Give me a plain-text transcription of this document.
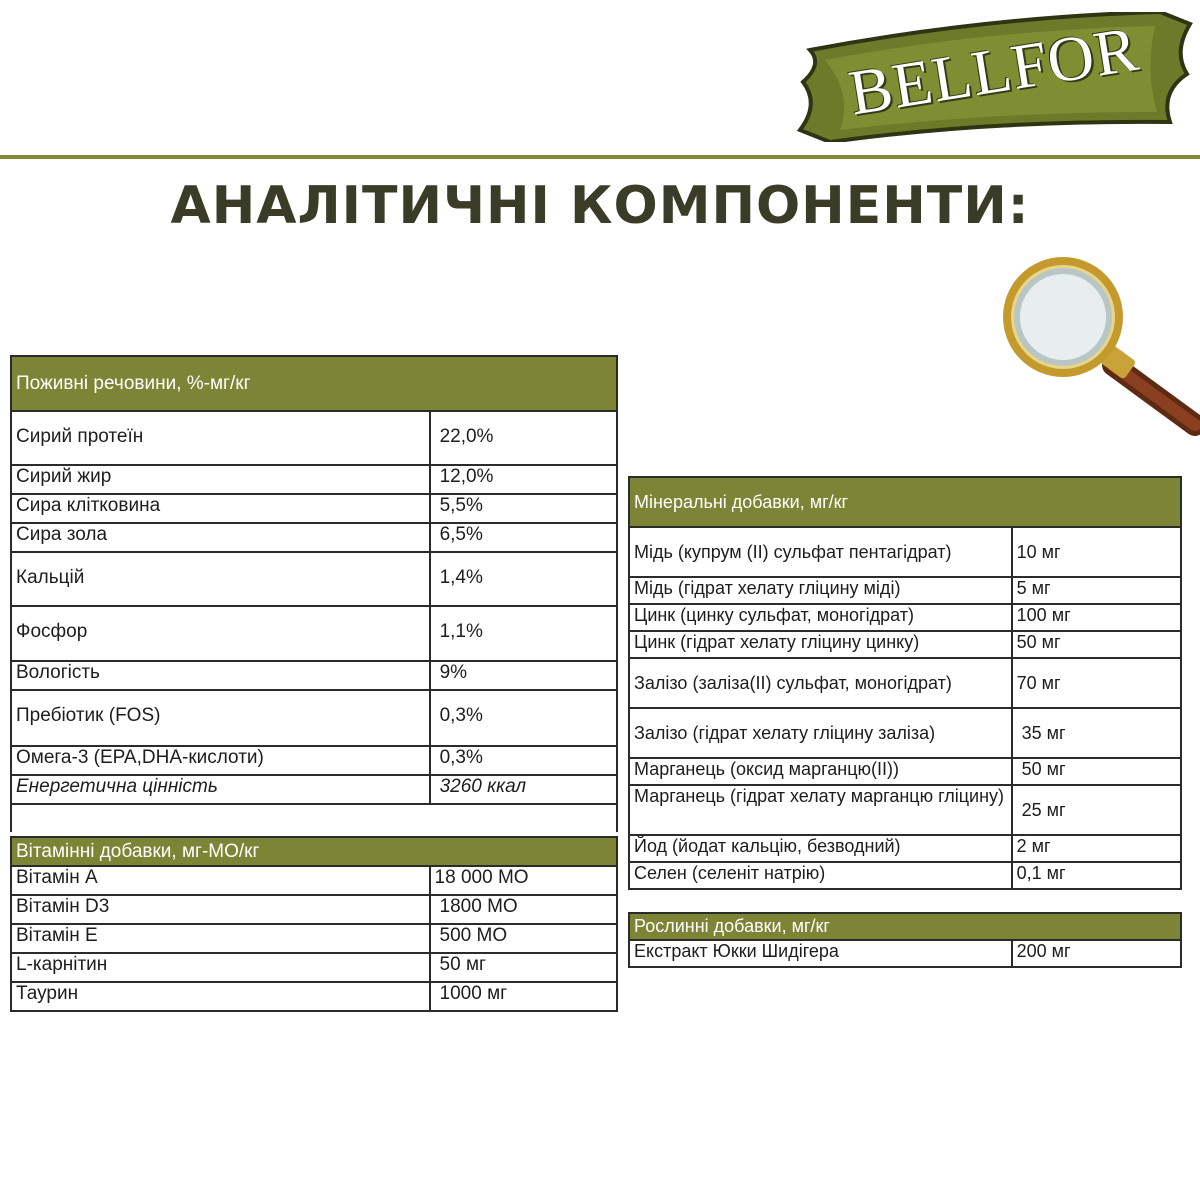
BELLFOR
АНАЛІТИЧНІ КОМПОНЕНТИ:
Поживні речовини, %-мг/кг	
Сирий протеїн	22,0%
Сирий жир	12,0%
Сира клітковина	5,5%
Сира зола	6,5%
Кальцій	1,4%
Фосфор	1,1%
Вологість	9%
Пребіотик (FOS)	0,3%
Омега-3 (EPA,DHA-кислоти)	0,3%
Енергетична цінність	3260 ккал

Вітамінні добавки, мг-МО/кг	
Вітамін А	18 000 МО
Вітамін D3	1800 МО
Вітамін Е	500 МО
L-карнітин	50 мг
Таурин	1000 мг
Мінеральні добавки, мг/кг	
Мідь (купрум (II) сульфат пентагідрат)	10 мг
Мідь (гідрат хелату гліцину міді)	5 мг
Цинк (цинку сульфат, моногідрат)	100 мг
Цинк (гідрат хелату гліцину цинку)	50 мг
Залізо (заліза(II) сульфат, моногідрат)	70 мг
Залізо (гідрат хелату гліцину заліза)	35 мг
Марганець (оксид марганцю(II))	50 мг
Марганець (гідрат хелату марганцю гліцину)	25 мг
Йод (йодат кальцію, безводний)	2 мг
Селен (селеніт натрію)	0,1 мг
Рослинні добавки, мг/кг
Екстракт Юкки Шидігера	200 мг
